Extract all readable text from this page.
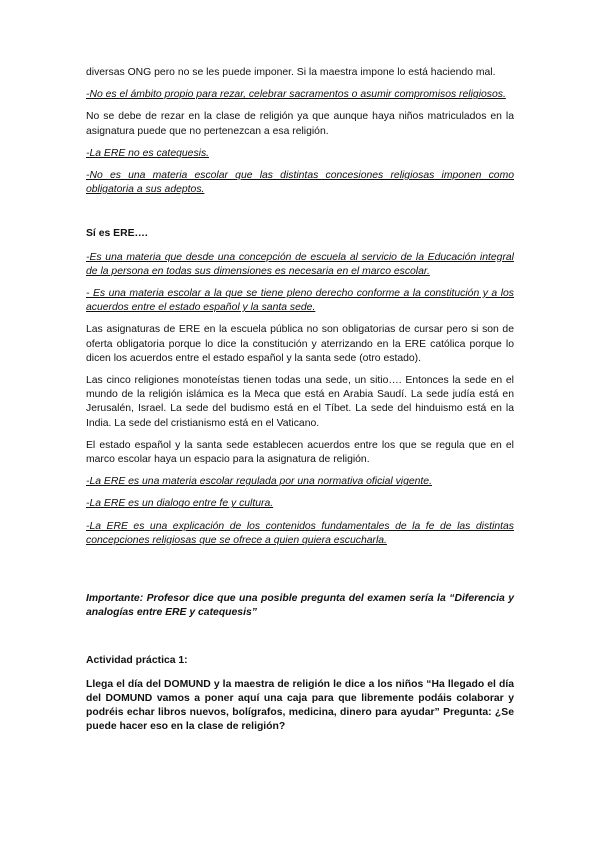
diversas ONG pero no se les puede imponer. Si la maestra impone lo está haciendo mal.

-No es el ámbito propio para rezar, celebrar sacramentos o asumir compromisos religiosos.

No se debe de rezar en la clase de religión ya que aunque haya niños matriculados en la asignatura puede que no pertenezcan a esa religión.

-La ERE no es catequesis.

-No es una materia escolar que las distintas concesiones religiosas imponen como obligatoria a sus adeptos.

Sí es ERE….

-Es una materia que desde una concepción de escuela al servicio de la Educación integral de la persona en todas sus dimensiones es necesaria en el marco escolar.

- Es una materia escolar a la que se tiene pleno derecho conforme a la constitución y a los acuerdos entre el estado español y la santa sede.

Las asignaturas de ERE en la escuela pública no son obligatorias de cursar pero si son de oferta obligatoria porque lo dice la constitución y aterrizando en la ERE católica porque lo dicen los acuerdos entre el estado español y la santa sede (otro estado).

Las cinco religiones monoteístas tienen todas una sede, un sitio…. Entonces la sede en el mundo de la religión islámica es la Meca que está en Arabia Saudí. La sede judía está en Jerusalén, Israel. La sede del budismo está en el Tíbet. La sede del hinduismo está en la India. La sede del cristianismo está en el Vaticano.

El estado español y la santa sede establecen acuerdos entre los que se regula que en el marco escolar haya un espacio para la asignatura de religión.

-La ERE es una materia escolar regulada por una normativa oficial vigente.

-La ERE es un dialogo entre fe y cultura.

-La ERE es una explicación de los contenidos fundamentales de la fe de las distintas concepciones religiosas que se ofrece a quien quiera escucharla.

Importante: Profesor dice que una posible pregunta del examen sería la “Diferencia y analogías entre ERE y catequesis”

Actividad práctica 1:

Llega el día del DOMUND y la maestra de religión le dice a los niños “Ha llegado el día del DOMUND vamos a poner aquí una caja para que libremente podáis colaborar y podréis echar libros nuevos, bolígrafos, medicina, dinero para ayudar” Pregunta: ¿Se puede hacer eso en la clase de religión?
